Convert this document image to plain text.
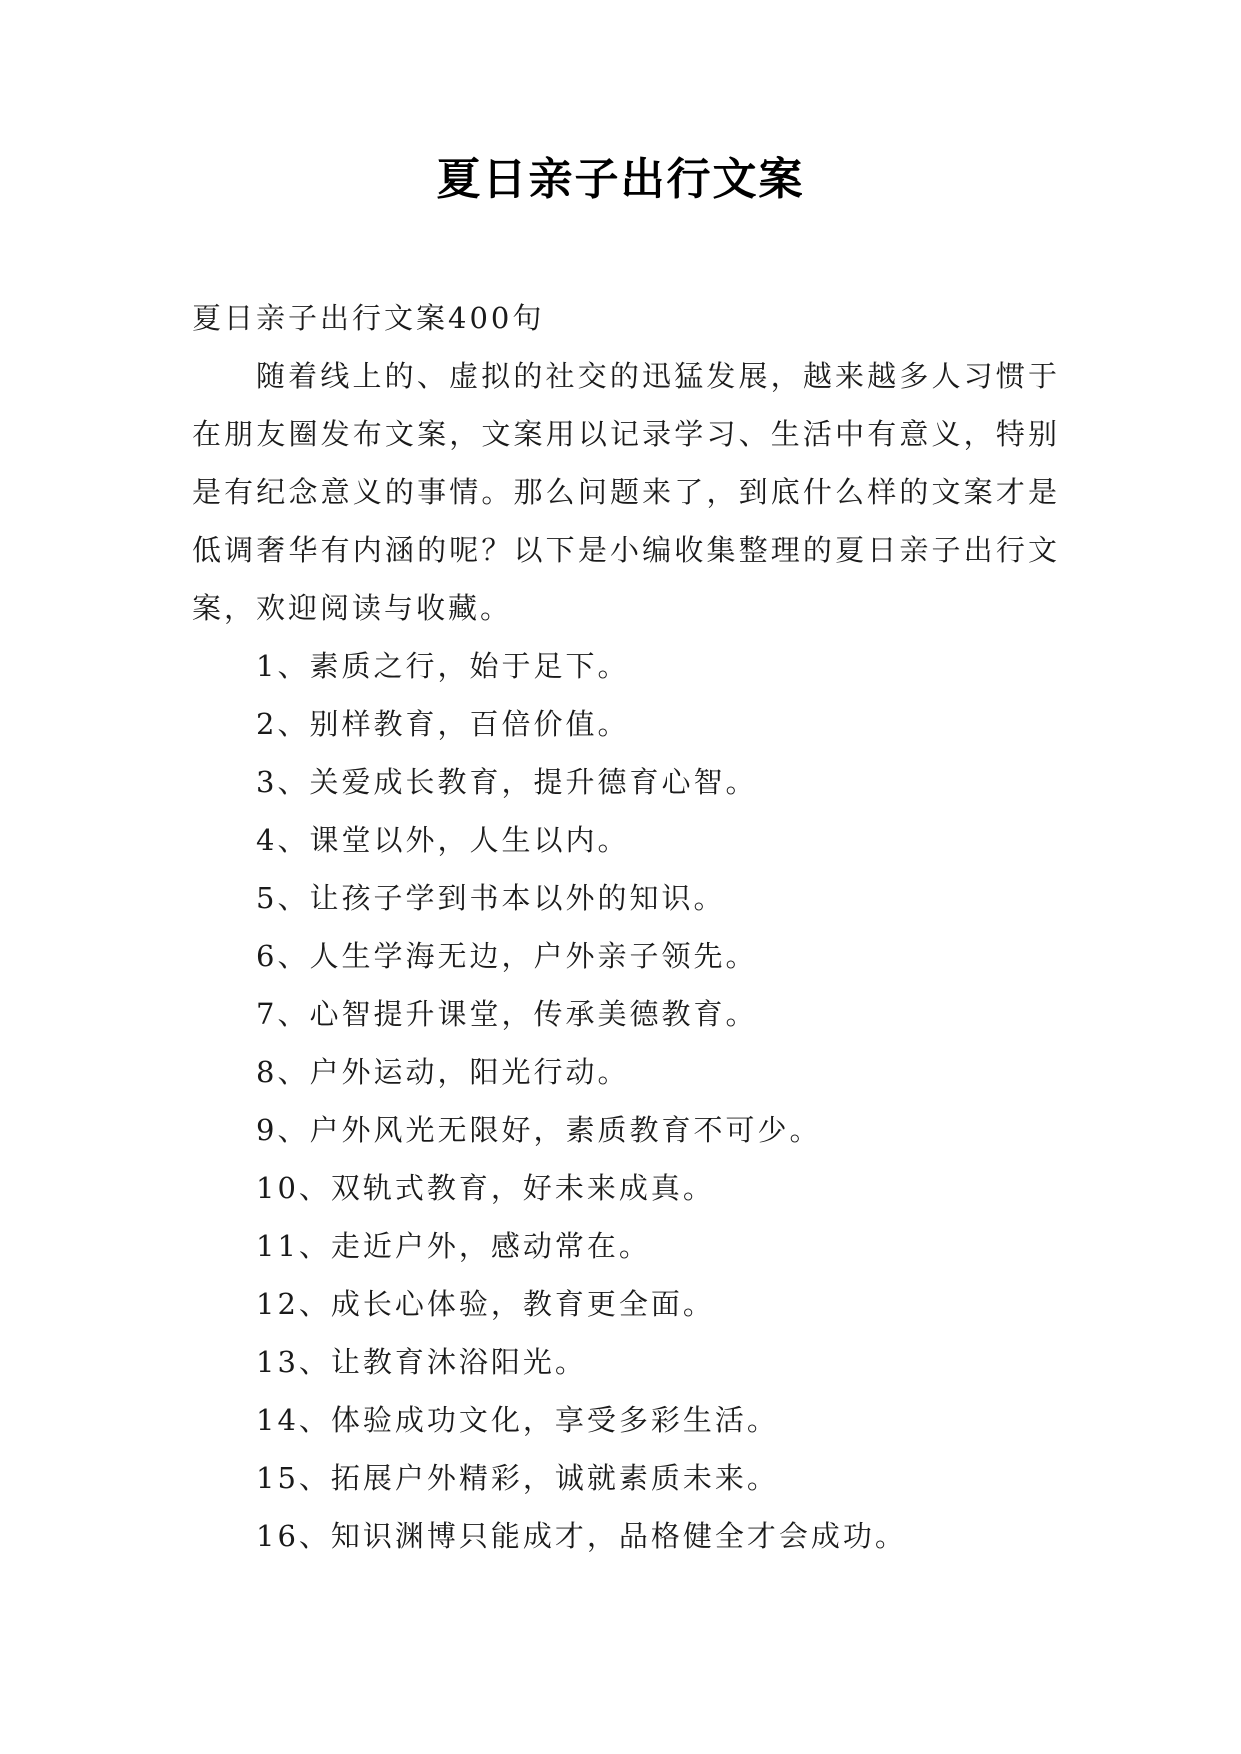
夏日亲子出行文案

夏日亲子出行文案400句

随着线上的、虚拟的社交的迅猛发展，越来越多人习惯于在朋友圈发布文案，文案用以记录学习、生活中有意义，特别是有纪念意义的事情。那么问题来了，到底什么样的文案才是低调奢华有内涵的呢？以下是小编收集整理的夏日亲子出行文案，欢迎阅读与收藏。

1、素质之行，始于足下。

2、别样教育，百倍价值。

3、关爱成长教育，提升德育心智。

4、课堂以外，人生以内。

5、让孩子学到书本以外的知识。

6、人生学海无边，户外亲子领先。

7、心智提升课堂，传承美德教育。

8、户外运动，阳光行动。

9、户外风光无限好，素质教育不可少。

10、双轨式教育，好未来成真。

11、走近户外，感动常在。

12、成长心体验，教育更全面。

13、让教育沐浴阳光。

14、体验成功文化，享受多彩生活。

15、拓展户外精彩，诚就素质未来。

16、知识渊博只能成才，品格健全才会成功。
